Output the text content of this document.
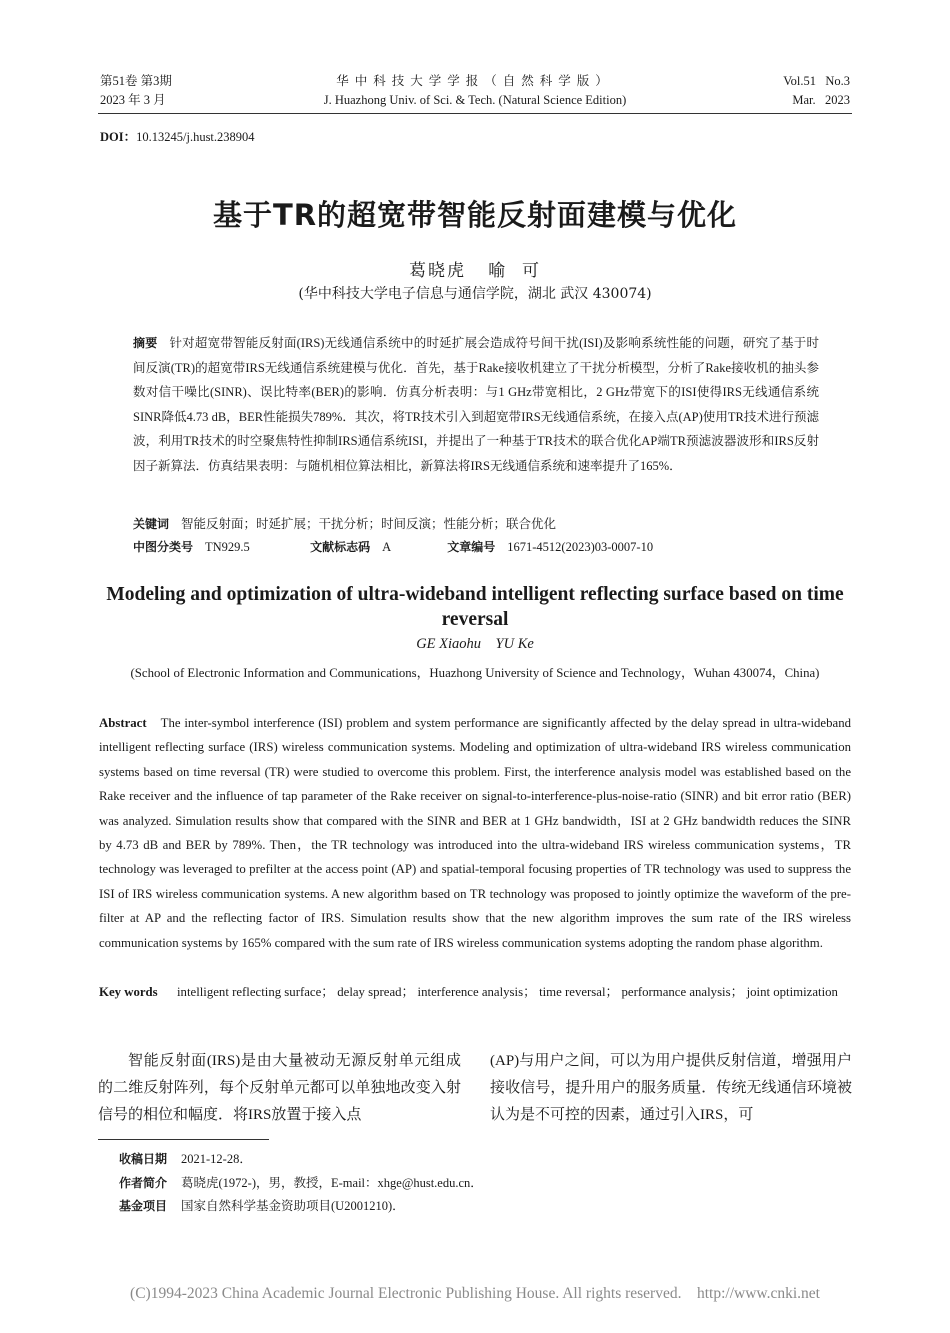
第51卷 第3期
2023 年 3 月
华中科技大学学报（自然科学版）
J. Huazhong Univ. of Sci. & Tech. (Natural Science Edition)
Vol.51   No.3
Mar.   2023
DOI：10.13245/j.hust.238904
基于TR的超宽带智能反射面建模与优化
葛晓虎   喻  可
(华中科技大学电子信息与通信学院，湖北 武汉 430074)
摘要 针对超宽带智能反射面(IRS)无线通信系统中的时延扩展会造成符号间干扰(ISI)及影响系统性能的问题，研究了基于时间反演(TR)的超宽带IRS无线通信系统建模与优化．首先，基于Rake接收机建立了干扰分析模型，分析了Rake接收机的抽头参数对信干噪比(SINR)、误比特率(BER)的影响．仿真分析表明：与1 GHz带宽相比，2 GHz带宽下的ISI使得IRS无线通信系统SINR降低4.73 dB，BER性能损失789%．其次，将TR技术引入到超宽带IRS无线通信系统，在接入点(AP)使用TR技术进行预滤波，利用TR技术的时空聚焦特性抑制IRS通信系统ISI，并提出了一种基于TR技术的联合优化AP端TR预滤波器波形和IRS反射因子新算法．仿真结果表明：与随机相位算法相比，新算法将IRS无线通信系统和速率提升了165%．
关键词 智能反射面；时延扩展；干扰分析；时间反演；性能分析；联合优化
中图分类号 TN929.5	文献标志码 A	文章编号 1671-4512(2023)03-0007-10
Modeling and optimization of ultra-wideband intelligent reflecting surface based on time reversal
GE Xiaohu    YU Ke
(School of Electronic Information and Communications，Huazhong University of Science and Technology，Wuhan 430074，China)
Abstract The inter-symbol interference (ISI) problem and system performance are significantly affected by the delay spread in ultra-wideband intelligent reflecting surface (IRS) wireless communication systems. Modeling and optimization of ultra-wideband IRS wireless communication systems based on time reversal (TR) were studied to overcome this problem. First, the interference analysis model was established based on the Rake receiver and the influence of tap parameter of the Rake receiver on signal-to-interference-plus-noise-ratio (SINR) and bit error ratio (BER) was analyzed. Simulation results show that compared with the SINR and BER at 1 GHz bandwidth，ISI at 2 GHz bandwidth reduces the SINR by 4.73 dB and BER by 789%. Then，the TR technology was introduced into the ultra-wideband IRS wireless communication systems，TR technology was leveraged to prefilter at the access point (AP) and spatial-temporal focusing properties of TR technology was used to suppress the ISI of IRS wireless communication systems. A new algorithm based on TR technology was proposed to jointly optimize the waveform of the pre-filter at AP and the reflecting factor of IRS. Simulation results show that the new algorithm improves the sum rate of the IRS wireless communication systems by 165% compared with the sum rate of IRS wireless communication systems adopting the random phase algorithm.
Key words intelligent reflecting surface； delay spread； interference analysis； time reversal； performance analysis； joint optimization
智能反射面(IRS)是由大量被动无源反射单元组成的二维反射阵列，每个反射单元都可以单独地改变入射信号的相位和幅度．将IRS放置于接入点
(AP)与用户之间，可以为用户提供反射信道，增强用户接收信号，提升用户的服务质量．传统无线通信环境被认为是不可控的因素，通过引入IRS，可
收稿日期 2021-12-28．
作者简介 葛晓虎(1972-)，男，教授，E-mail：xhge@hust.edu.cn．
基金项目 国家自然科学基金资助项目(U2001210)．
(C)1994-2023 China Academic Journal Electronic Publishing House. All rights reserved.    http://www.cnki.net
